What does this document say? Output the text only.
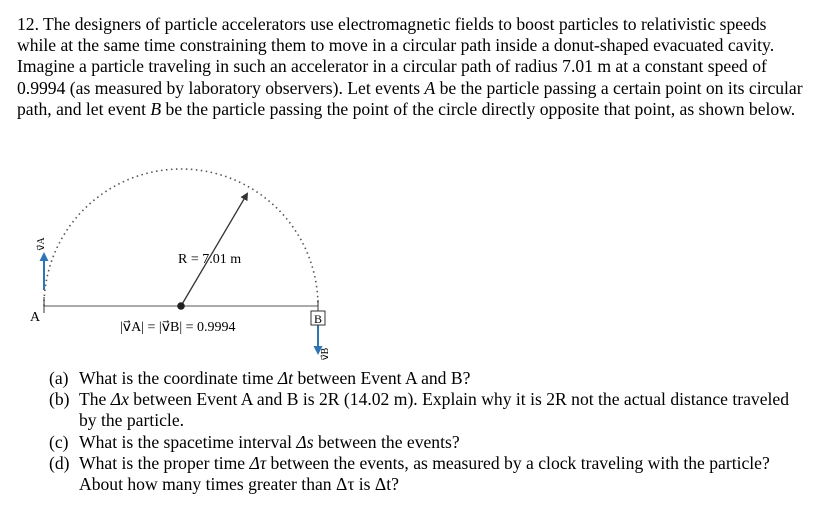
12. The designers of particle accelerators use electromagnetic fields to boost particles to relativistic speeds while at the same time constraining them to move in a circular path inside a donut-shaped evacuated cavity. Imagine a particle traveling in such an accelerator in a circular path of radius 7.01 m at a constant speed of 0.9994 (as measured by laboratory observers). Let events A be the particle passing a certain point on its circular path, and let event B be the particle passing the point of the circle directly opposite that point, as shown below.
v⃗A
A	B
v⃗B
R = 7.01 m
|v⃗A| = |v⃗B| = 0.9994
(a) What is the coordinate time Δt between Event A and B?
(b) The Δx between Event A and B is 2R (14.02 m). Explain why it is 2R not the actual distance traveled by the particle.
(c) What is the spacetime interval Δs between the events?
(d) What is the proper time Δτ between the events, as measured by a clock traveling with the particle? About how many times greater than Δτ is Δt?
